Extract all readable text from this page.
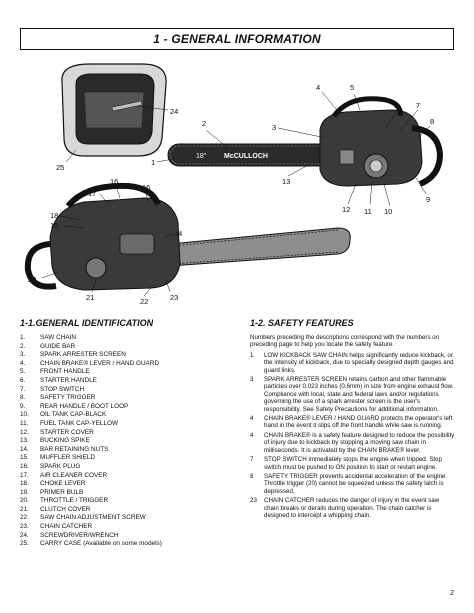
1 - GENERAL INFORMATION
18"	McCULLOCH
1
2	3
4	5
6 7
8
9
10
11
12
13
14
15
16
17
18
19
20
21	22	23
24
25
1-1.GENERAL IDENTIFICATION
1.	SAW CHAIN
2.	GUIDE BAR
3.	SPARK ARRESTER SCREEN
4.	CHAIN BRAKE® LEVER / HAND GUARD
5.	FRONT HANDLE
6.	STARTER HANDLE
7.	STOP SWITCH
8.	SAFETY TRIGGER
9.	REAR HANDLE / BOOT LOOP
10.	OIL TANK CAP-BLACK
11.	FUEL TANK CAP-YELLOW
12.	STARTER COVER
13.	BUCKING SPIKE
14.	BAR RETAINING NUTS
15.	MUFFLER SHIELD
16.	SPARK PLUG
17.	AIR CLEANER COVER
18.	CHOKE LEVER
19.	PRIMER BULB
20.	THROTTLE / TRIGGER
21.	CLUTCH COVER
22.	SAW CHAIN ADJUSTMENT SCREW
23.	CHAIN CATCHER
24.	SCREWDRIVER/WRENCH
25.	CARRY CASE (Available on some models)
1-2. SAFETY FEATURES

Numbers preceding the descriptions correspond with the numbers on preceding page to help you locate the safety feature.

1	LOW KICKBACK SAW CHAIN helps significantly reduce kickback, or the intensity of kickback, due to specially designed depth gauges and guard links.
3	SPARK ARRESTER SCREEN retains carbon and other flammable particles over 0.023 inches (0.6mm) in size from engine exhaust flow. Compliance with local, state and federal laws and/or regulations governing the use of a spark arrester screen is the user's responsibility. See Safety Precautions for additional information.
4	CHAIN BRAKE® LEVER / HAND GUARD protects the operator's left hand in the event it slips off the front handle while saw is running.
4	CHAIN BRAKE® is a safety feature designed to reduce the possibility of injury due to kickback by stopping a moving saw chain in milliseconds. It is activated by the CHAIN BRAKE® lever.
7	STOP SWITCH immediately stops the engine when tripped. Stop switch must be pushed to ON position to start or restart engine.
8	SAFETY TRIGGER prevents accidental acceleration of the engine. Throttle trigger (20) cannot be squeezed unless the safety latch is depressed.
23	CHAIN CATCHER reduces the danger of injury in the event saw chain breaks or derails during operation. The chain catcher is designed to intercept a whipping chain.
2
